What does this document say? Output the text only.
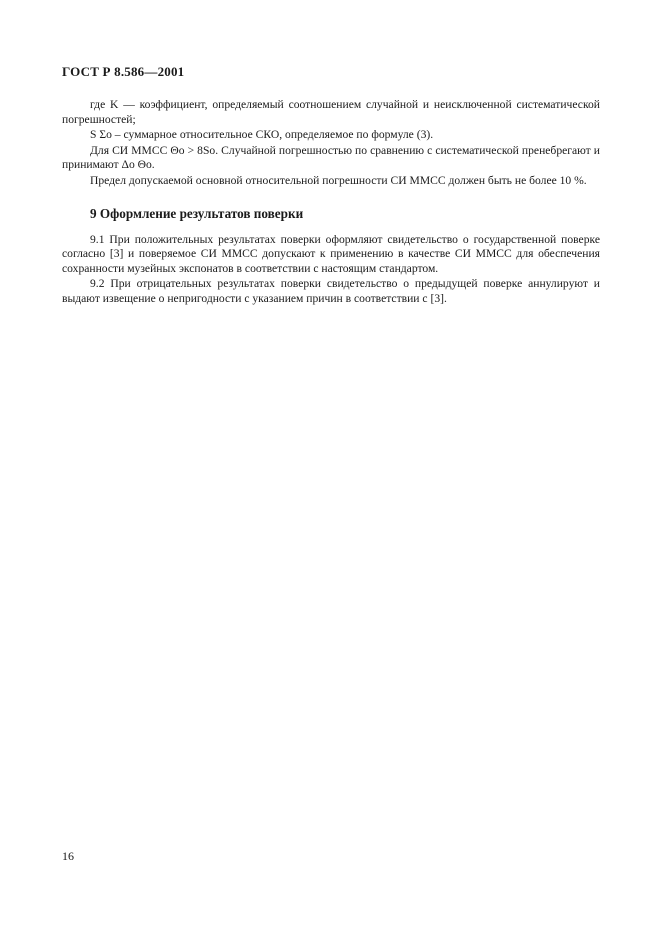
ГОСТ Р 8.586—2001

где K — коэффициент, определяемый соотношением случайной и неисключенной систематической погрешностей;

S Σо – суммарное относительное СКО, определяемое по формуле (3).

Для СИ ММСС Θо > 8Sо. Случайной погрешностью по сравнению с систематической пренебрегают и принимают Δо Θо.

Предел допускаемой основной относительной погрешности СИ ММСС должен быть не более 10 %.

9 Оформление результатов поверки

9.1 При положительных результатах поверки оформляют свидетельство о государственной поверке согласно [3] и поверяемое СИ ММСС допускают к применению в качестве СИ ММСС для обеспечения сохранности музейных экспонатов в соответствии с настоящим стандартом.

9.2 При отрицательных результатах поверки свидетельство о предыдущей поверке аннулируют и выдают извещение о непригодности с указанием причин в соответствии с [3].

16
